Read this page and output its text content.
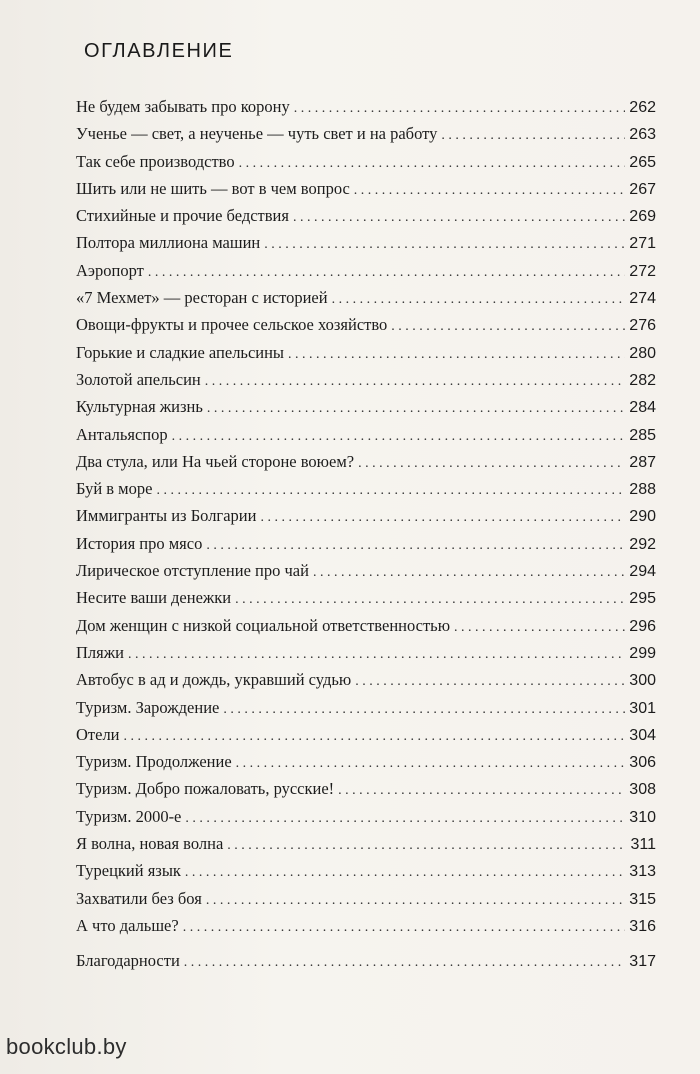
ОГЛАВЛЕНИЕ
Не будем забывать про корону . . .	262
Ученье — свет, а неученье — чуть свет и на работу . . .	263
Так себе производство . . .	265
Шить или не шить — вот в чем вопрос . . .	267
Стихийные и прочие бедствия . . .	269
Полтора миллиона машин . . .	271
Аэропорт . . .	272
«7 Мехмет» — ресторан с историей . . .	274
Овощи-фрукты и прочее сельское хозяйство . . .	276
Горькие и сладкие апельсины . . .	280
Золотой апельсин . . .	282
Культурная жизнь . . .	284
Антальяспор . . .	285
Два стула, или На чьей стороне воюем? . . .	287
Буй в море . . .	288
Иммигранты из Болгарии . . .	290
История про мясо . . .	292
Лирическое отступление про чай . . .	294
Несите ваши денежки . . .	295
Дом женщин с низкой социальной ответственностью . . .	296
Пляжи . . .	299
Автобус в ад и дождь, укравший судью . . .	300
Туризм. Зарождение . . .	301
Отели . . .	304
Туризм. Продолжение . . .	306
Туризм. Добро пожаловать, русские! . . .	308
Туризм. 2000-е . . .	310
Я волна, новая волна . . .	311
Турецкий язык . . .	313
Захватили без боя . . .	315
А что дальше? . . .	316
Благодарности . . .	317
bookclub.by
